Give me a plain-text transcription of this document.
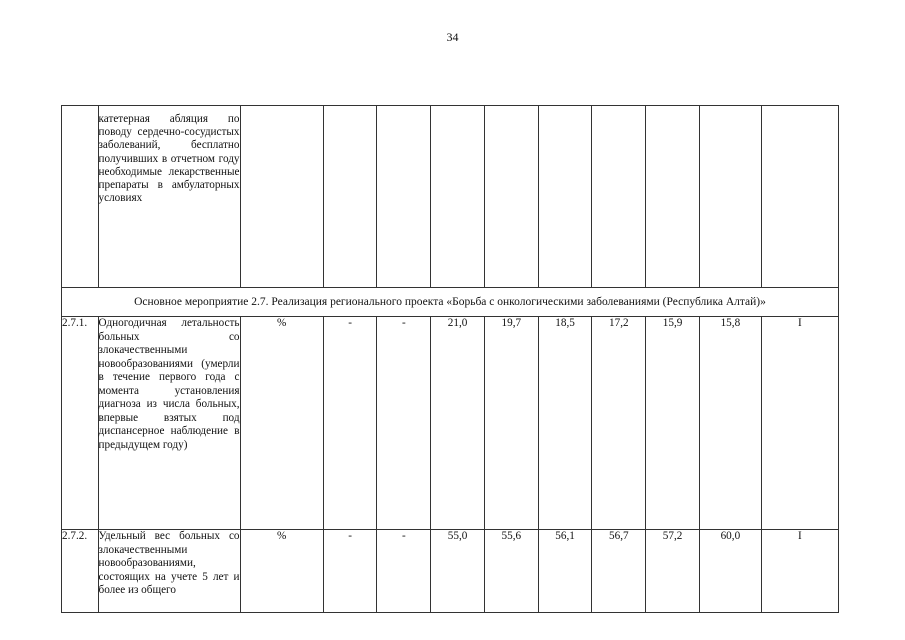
34
	катетерная абляция по поводу сердечно-сосудистых заболеваний, бесплатно получивших в отчетном году необходимые лекарственные препараты в амбулаторных условиях										
Основное мероприятие 2.7. Реализация регионального проекта «Борьба с онкологическими заболеваниями (Республика Алтай)»											
2.7.1.	Одногодичная летальность больных со злокачественными новообразованиями (умерли в течение первого года с момента установления диагноза из числа больных, впервые взятых под диспансерное наблюдение в предыдущем году)	%	-	-	21,0	19,7	18,5	17,2	15,9	15,8	I
2.7.2.	Удельный вес больных со злокачественными новообразованиями, состоящих на учете 5 лет и более из общего	%	-	-	55,0	55,6	56,1	56,7	57,2	60,0	I
